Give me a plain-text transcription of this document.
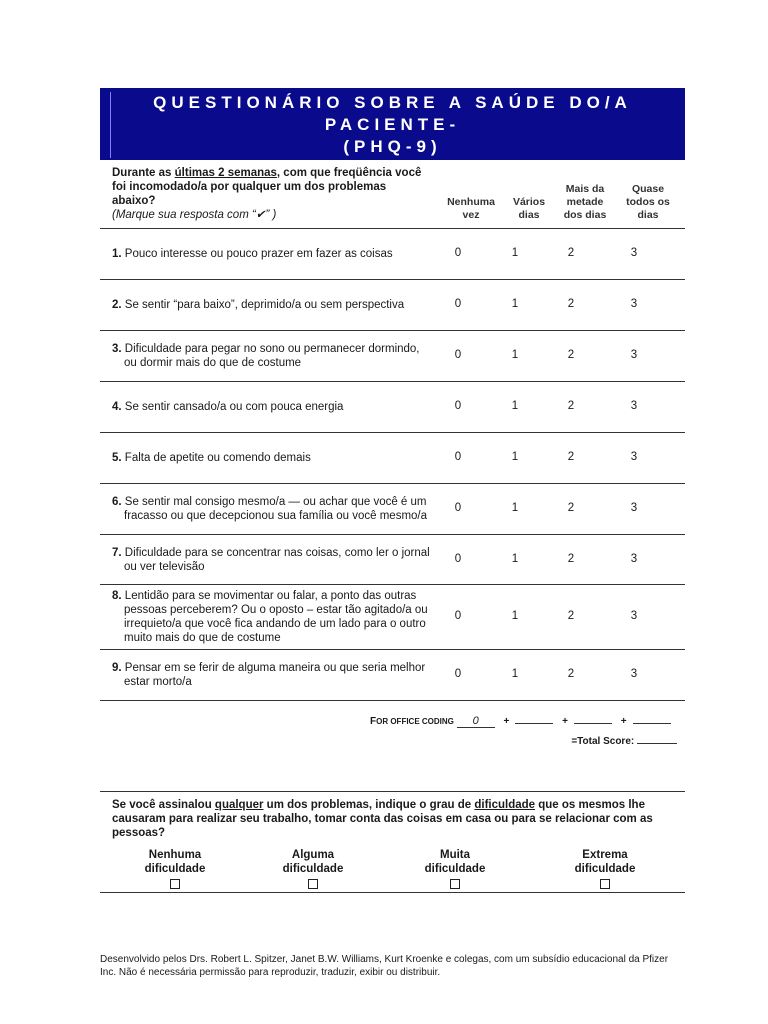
QUESTIONÁRIO SOBRE A SAÚDE DO/A
PACIENTE-
(PHQ-9)
Durante as últimas 2 semanas, com que freqüência você foi incomodado/a por qualquer um dos problemas abaixo?
(Marque sua resposta com “✔” )
Nenhuma vez
Vários dias
Mais da metade dos dias
Quase todos os dias
1. Pouco interesse ou pouco prazer em fazer as coisas	0	1	2	3
2. Se sentir “para baixo”, deprimido/a ou sem perspectiva	0	1	2	3
3. Dificuldade para pegar no sono ou permanecer dormindo,
ou dormir mais do que de costume
0	1	2	3
4. Se sentir cansado/a ou com pouca energia	0	1	2	3
5. Falta de apetite ou comendo demais	0	1	2	3
6. Se sentir mal consigo mesmo/a — ou achar que você é um
fracasso ou que decepcionou sua família ou você mesmo/a
0	1	2	3
7. Dificuldade para se concentrar nas coisas, como ler o jornal
ou ver televisão
0	1	2	3
8. Lentidão para se movimentar ou falar, a ponto das outras
pessoas perceberem? Ou o oposto – estar tão agitado/a ou irrequieto/a que você fica andando de um lado para o outro muito mais do que de costume
0	1	2	3
9. Pensar em se ferir de alguma maneira ou que seria melhor
estar morto/a
0	1	2	3
FOR OFFICE CODING 0 +	+	+
=Total Score:
Se você assinalou qualquer um dos problemas, indique o grau de dificuldade que os mesmos lhe causaram para realizar seu trabalho, tomar conta das coisas em casa ou para se relacionar com as pessoas?
Nenhuma
dificuldade
Alguma
dificuldade
Muita
dificuldade
Extrema
dificuldade
Desenvolvido pelos Drs. Robert L. Spitzer, Janet B.W. Williams, Kurt Kroenke e colegas, com um subsídio educacional da Pfizer Inc. Não é necessária permissão para reproduzir, traduzir, exibir ou distribuir.
